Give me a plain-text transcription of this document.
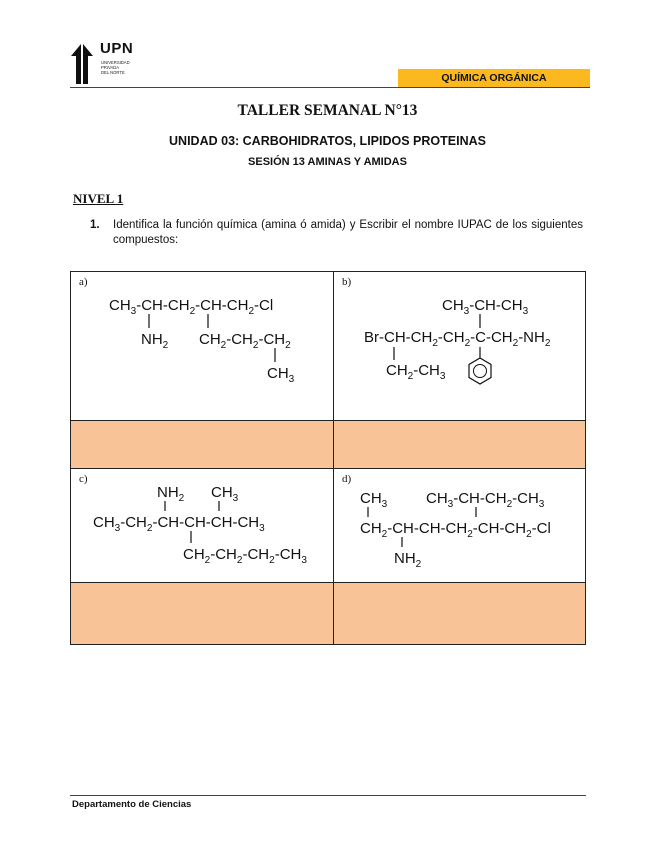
UPN
UNIVERSIDAD
PRIVADA
DEL NORTE	QUÍMICA ORGÁNICA
TALLER SEMANAL N°13
UNIDAD 03: CARBOHIDRATOS, LIPIDOS PROTEINAS
SESIÓN 13 AMINAS Y AMIDAS
NIVEL 1
1. Identifica la función química (amina ó amida) y Escribir el nombre IUPAC de los siguientes compuestos:
a)
$CH_3-CH-CH_2-CH-CH_2-Cl$
$NH_2$ $CH_2-CH_2-CH_2$
$CH_3$
b)
$CH_3-CH-CH_3$
$Br-CH-CH_2-CH_2-C-CH_2-NH_2$
$CH_2-CH_3$
c)
$NH_2$ $CH_3$
$CH_3-CH_2-CH-CH-CH-CH_3$
$CH_2-CH_2-CH_2-CH_3$
d)
$CH_3$	$CH_3-CH-CH_2-CH_3$
$CH_2-CH-CH-CH_2-CH-CH_2-Cl$
$NH_2$
Departamento de Ciencias
